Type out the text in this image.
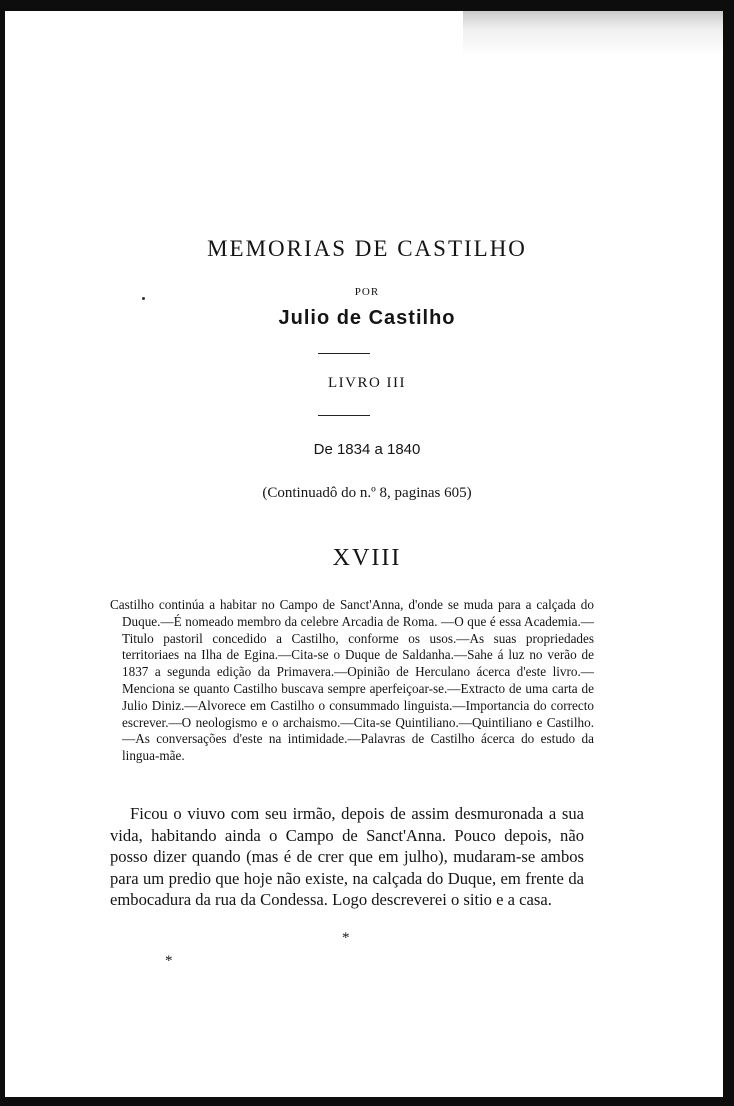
MEMORIAS DE CASTILHO
POR
Julio de Castilho
LIVRO III
De 1834 a 1840
(Continuadô do n.º 8, paginas 605)
XVIII

Castilho continúa a habitar no Campo de Sanct'Anna, d'onde se muda para a calçada do Duque.—É nomeado membro da celebre Arcadia de Roma. —O que é essa Academia.—Titulo pastoril concedido a Castilho, conforme os usos.—As suas propriedades territoriaes na Ilha de Egina.—Cita-se o Duque de Saldanha.—Sahe á luz no verão de 1837 a segunda edição da Primavera.—Opinião de Herculano ácerca d'este livro.—Menciona se quanto Castilho buscava sempre aperfeiçoar-se.—Extracto de uma carta de Julio Diniz.—Alvorece em Castilho o consummado linguista.—Importancia do correcto escrever.—O neologismo e o archaismo.—Cita-se Quintiliano.—Quintiliano e Castilho.—As conversações d'este na intimidade.—Palavras de Castilho ácerca do estudo da lingua-mãe.

Ficou o viuvo com seu irmão, depois de assim desmuronada a sua vida, habitando ainda o Campo de Sanct'Anna. Pouco depois, não posso dizer quando (mas é de crer que em julho), mudaram-se ambos para um predio que hoje não existe, na calçada do Duque, em frente da embocadura da rua da Condessa. Logo descreverei o sitio e a casa.

*
*
